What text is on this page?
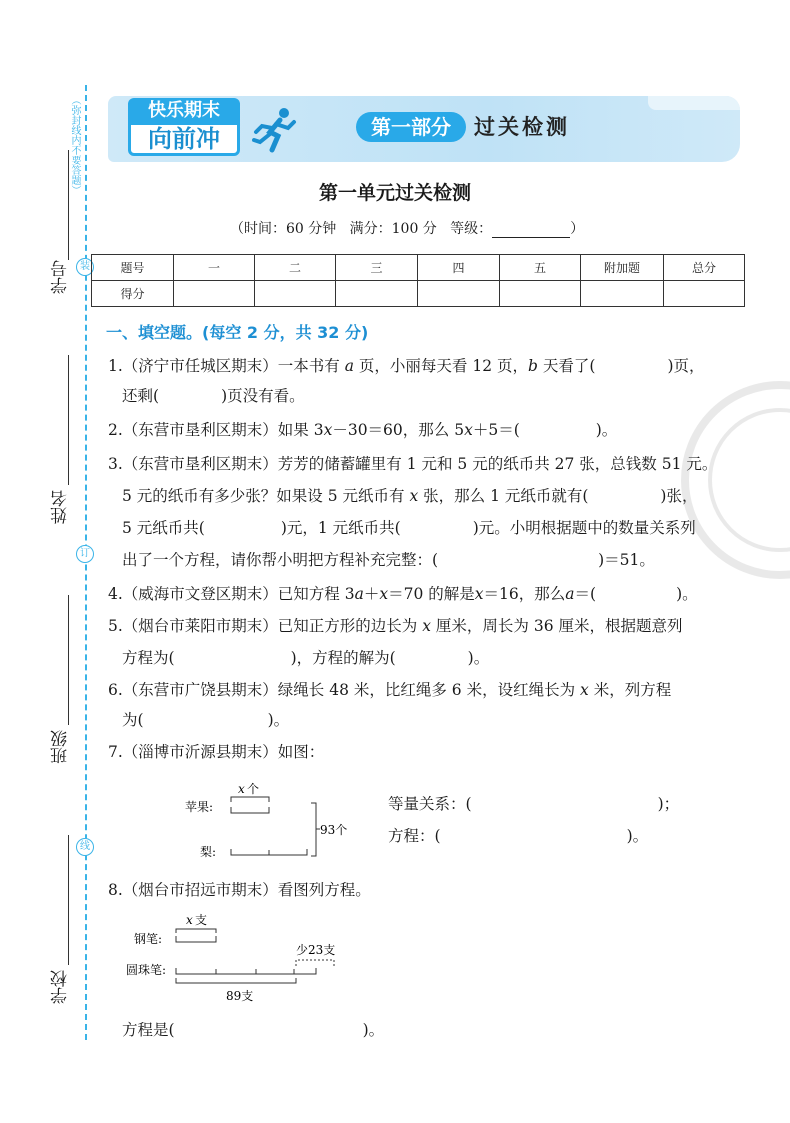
（弥封线内不要答题）
装
订
线
学号
姓名
班级
学校
快乐期末
向前冲	第一部分	过关检测
第一单元过关检测
（时间：60 分钟 满分：100 分 等级：	）
题号	一	二	三	四	五	附加题	总分
得分							
一、填空题。(每空 2 分，共 32 分)
1.（济宁市任城区期末）一本书有 a 页，小丽每天看 12 页，b 天看了(	)页，
还剩(	)页没有看。
2.（东营市垦利区期末）如果 3x－30＝60，那么 5x＋5＝(	)。
3.（东营市垦利区期末）芳芳的储蓄罐里有 1 元和 5 元的纸币共 27 张，总钱数 51 元。
5 元的纸币有多少张？如果设 5 元纸币有 x 张，那么 1 元纸币就有(	)张，
5 元纸币共(	)元，1 元纸币共(	)元。小明根据题中的数量关系列
出了一个方程，请你帮小明把方程补充完整：(	)＝51。
4.（威海市文登区期末）已知方程 3a＋x＝70 的解是x＝16，那么a＝(	)。
5.（烟台市莱阳市期末）已知正方形的边长为 x 厘米，周长为 36 厘米，根据题意列
方程为(	)，方程的解为(	)。
6.（东营市广饶县期末）绿绳长 48 米，比红绳多 6 米，设红绳长为 x 米，列方程
为(	)。
7.（淄博市沂源县期末）如图：
苹果:
梨:
x 个
93个
等量关系：(	)；
方程：(	)。
8.（烟台市招远市期末）看图列方程。
x 支
钢笔:
圆珠笔:
少23支
89支
方程是(	)。
